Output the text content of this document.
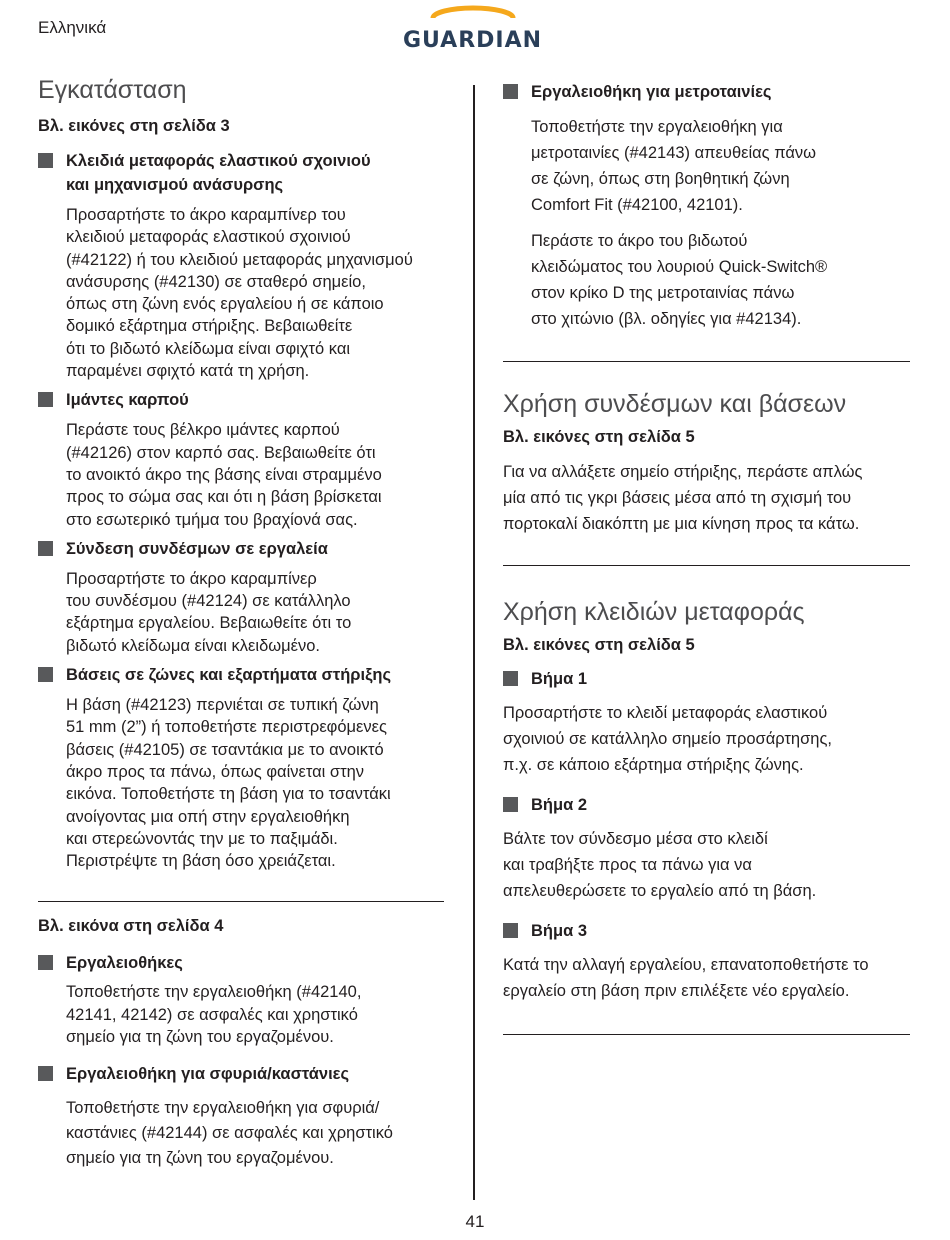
Ελληνικά
GUARDIAN
Εγκατάσταση

Βλ. εικόνες στη σελίδα 3

Κλειδιά μεταφοράς ελαστικού σχοινιού

και μηχανισμού ανάσυρσης

Προσαρτήστε το άκρο καραμπίνερ του

κλειδιού μεταφοράς ελαστικού σχοινιού

(#42122) ή του κλειδιού μεταφοράς μηχανισμού

ανάσυρσης (#42130) σε σταθερό σημείο,

όπως στη ζώνη ενός εργαλείου ή σε κάποιο

δομικό εξάρτημα στήριξης. Βεβαιωθείτε

ότι το βιδωτό κλείδωμα είναι σφιχτό και

παραμένει σφιχτό κατά τη χρήση.

Ιμάντες καρπού

Περάστε τους βέλκρο ιμάντες καρπού

(#42126) στον καρπό σας. Βεβαιωθείτε ότι

το ανοικτό άκρο της βάσης είναι στραμμένο

προς το σώμα σας και ότι η βάση βρίσκεται

στο εσωτερικό τμήμα του βραχίονά σας.

Σύνδεση συνδέσμων σε εργαλεία

Προσαρτήστε το άκρο καραμπίνερ

του συνδέσμου (#42124) σε κατάλληλο

εξάρτημα εργαλείου. Βεβαιωθείτε ότι το

βιδωτό κλείδωμα είναι κλειδωμένο.

Βάσεις σε ζώνες και εξαρτήματα στήριξης

Η βάση (#42123) περνιέται σε τυπική ζώνη

51 mm (2”) ή τοποθετήστε περιστρεφόμενες

βάσεις (#42105) σε τσαντάκια με το ανοικτό

άκρο προς τα πάνω, όπως φαίνεται στην

εικόνα. Τοποθετήστε τη βάση για το τσαντάκι

ανοίγοντας μια οπή στην εργαλειοθήκη

και στερεώνοντάς την με το παξιμάδι.

Περιστρέψτε τη βάση όσο χρειάζεται.

Βλ. εικόνα στη σελίδα 4

Εργαλειοθήκες

Τοποθετήστε την εργαλειοθήκη (#42140,

42141, 42142) σε ασφαλές και χρηστικό

σημείο για τη ζώνη του εργαζομένου.

Εργαλειοθήκη για σφυριά/καστάνιες

Τοποθετήστε την εργαλειοθήκη για σφυριά/

καστάνιες (#42144) σε ασφαλές και χρηστικό

σημείο για τη ζώνη του εργαζομένου.

Εργαλειοθήκη για μετροταινίες

Τοποθετήστε την εργαλειοθήκη για

μετροταινίες (#42143) απευθείας πάνω

σε ζώνη, όπως στη βοηθητική ζώνη

Comfort Fit (#42100, 42101).

Περάστε το άκρο του βιδωτού

κλειδώματος του λουριού Quick-Switch®

στον κρίκο D της μετροταινίας πάνω

στο χιτώνιο (βλ. οδηγίες για #42134).

Χρήση συνδέσμων και βάσεων

Βλ. εικόνες στη σελίδα 5

Για να αλλάξετε σημείο στήριξης, περάστε απλώς

μία από τις γκρι βάσεις μέσα από τη σχισμή του

πορτοκαλί διακόπτη με μια κίνηση προς τα κάτω.

Χρήση κλειδιών μεταφοράς

Βλ. εικόνες στη σελίδα 5

Βήμα 1

Προσαρτήστε το κλειδί μεταφοράς ελαστικού

σχοινιού σε κατάλληλο σημείο προσάρτησης,

π.χ. σε κάποιο εξάρτημα στήριξης ζώνης.

Βήμα 2

Βάλτε τον σύνδεσμο μέσα στο κλειδί

και τραβήξτε προς τα πάνω για να

απελευθερώσετε το εργαλείο από τη βάση.

Βήμα 3

Κατά την αλλαγή εργαλείου, επανατοποθετήστε το

εργαλείο στη βάση πριν επιλέξετε νέο εργαλείο.

41
